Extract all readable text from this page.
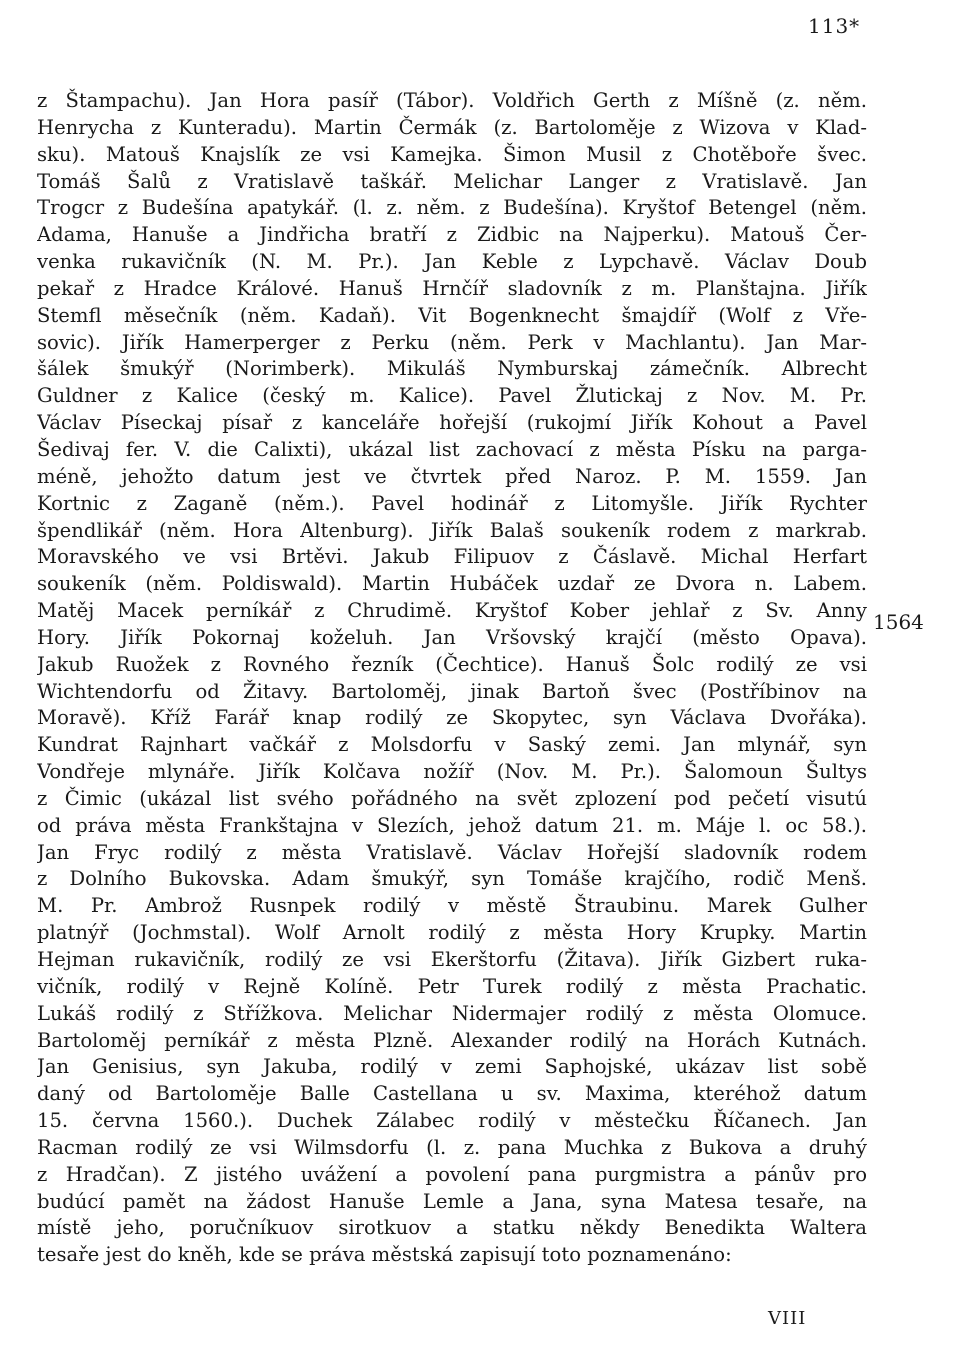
113*
z Štampachu). Jan Hora pasíř (Tábor). Voldřich Gerth z Míšně (z. něm.
Henrycha z Kunteradu). Martin Čermák (z. Bartoloměje z Wizova v Klad-
sku). Matouš Knajslík ze vsi Kamejka. Šimon Musil z Chotěboře švec.
Tomáš Šalů z Vratislavě taškář. Melichar Langer z Vratislavě. Jan
Trogcr z Budešína apatykář. (l. z. něm. z Budešína). Kryštof Betengel (něm.
Adama, Hanuše a Jindřicha bratří z Zidbic na Najperku). Matouš Čer-
venka rukavičník (N. M. Pr.). Jan Keble z Lypchavě. Václav Doub
pekař z Hradce Králové. Hanuš Hrnčíř sladovník z m. Planštajna. Jiřík
Stemfl měsečník (něm. Kadaň). Vit Bogenknecht šmajdíř (Wolf z Vře-
sovic). Jiřík Hamerperger z Perku (něm. Perk v Machlantu). Jan Mar-
šálek šmukýř (Norimberk). Mikuláš Nymburskaj zámečník. Albrecht
Guldner z Kalice (český m. Kalice). Pavel Žlutickaj z Nov. M. Pr.
Václav Píseckaj písař z kanceláře hořejší (rukojmí Jiřík Kohout a Pavel
Šedivaj fer. V. die Calixti), ukázal list zachovací z města Písku na parga-
méně, jehožto datum jest ve čtvrtek před Naroz. P. M. 1559. Jan
Kortnic z Zaganě (něm.). Pavel hodinář z Litomyšle. Jiřík Rychter
špendlikář (něm. Hora Altenburg). Jiřík Balaš soukeník rodem z markrab.
Moravského ve vsi Brtěvi. Jakub Filipuov z Čáslavě. Michal Herfart
soukeník (něm. Poldiswald). Martin Hubáček uzdař ze Dvora n. Labem.
Matěj Macek perníkář z Chrudimě. Kryštof Kober jehlař z Sv. Anny
Hory. Jiřík Pokornaj koželuh. Jan Vršovský krajčí (město Opava).
Jakub Ruožek z Rovného řezník (Čechtice). Hanuš Šolc rodilý ze vsi
Wichtendorfu od Žitavy. Bartoloměj, jinak Bartoň švec (Postříbinov na
Moravě). Kříž Farář knap rodilý ze Skopytec, syn Václava Dvořáka).
Kundrat Rajnhart vačkář z Molsdorfu v Saský zemi. Jan mlynář, syn
Vondřeje mlynáře. Jiřík Kolčava nožíř (Nov. M. Pr.). Šalomoun Šultys
z Čimic (ukázal list svého pořádného na svět zplození pod pečetí visutú
od práva města Frankštajna v Slezích, jehož datum 21. m. Máje l. oc 58.).
Jan Fryc rodilý z města Vratislavě. Václav Hořejší sladovník rodem
z Dolního Bukovska. Adam šmukýř, syn Tomáše krajčího, rodič Menš.
M. Pr. Ambrož Rusnpek rodilý v městě Štraubinu. Marek Gulher
platnýř (Jochmstal). Wolf Arnolt rodilý z města Hory Krupky. Martin
Hejman rukavičník, rodilý ze vsi Ekerštorfu (Žitava). Jiřík Gizbert ruka-
vičník, rodilý v Rejně Kolíně. Petr Turek rodilý z města Prachatic.
Lukáš rodilý z Střížkova. Melichar Nidermajer rodilý z města Olomuce.
Bartoloměj perníkář z města Plzně. Alexander rodilý na Horách Kutnách.
Jan Genisius, syn Jakuba, rodilý v zemi Saphojské, ukázav list sobě
daný od Bartoloměje Balle Castellana u sv. Maxima, kteréhož datum
15. června 1560.). Duchek Zálabec rodilý v městečku Říčanech. Jan
Racman rodilý ze vsi Wilmsdorfu (l. z. pana Muchka z Bukova a druhý
z Hradčan). Z jistého uvážení a povolení pana purgmistra a pánův pro
budúcí pamět na žádost Hanuše Lemle a Jana, syna Matesa tesaře, na
místě jeho, poručníkuov sirotkuov a statku někdy Benedikta Waltera
tesaře jest do kněh, kde se práva městská zapisují toto poznamenáno:
1564
VIII
